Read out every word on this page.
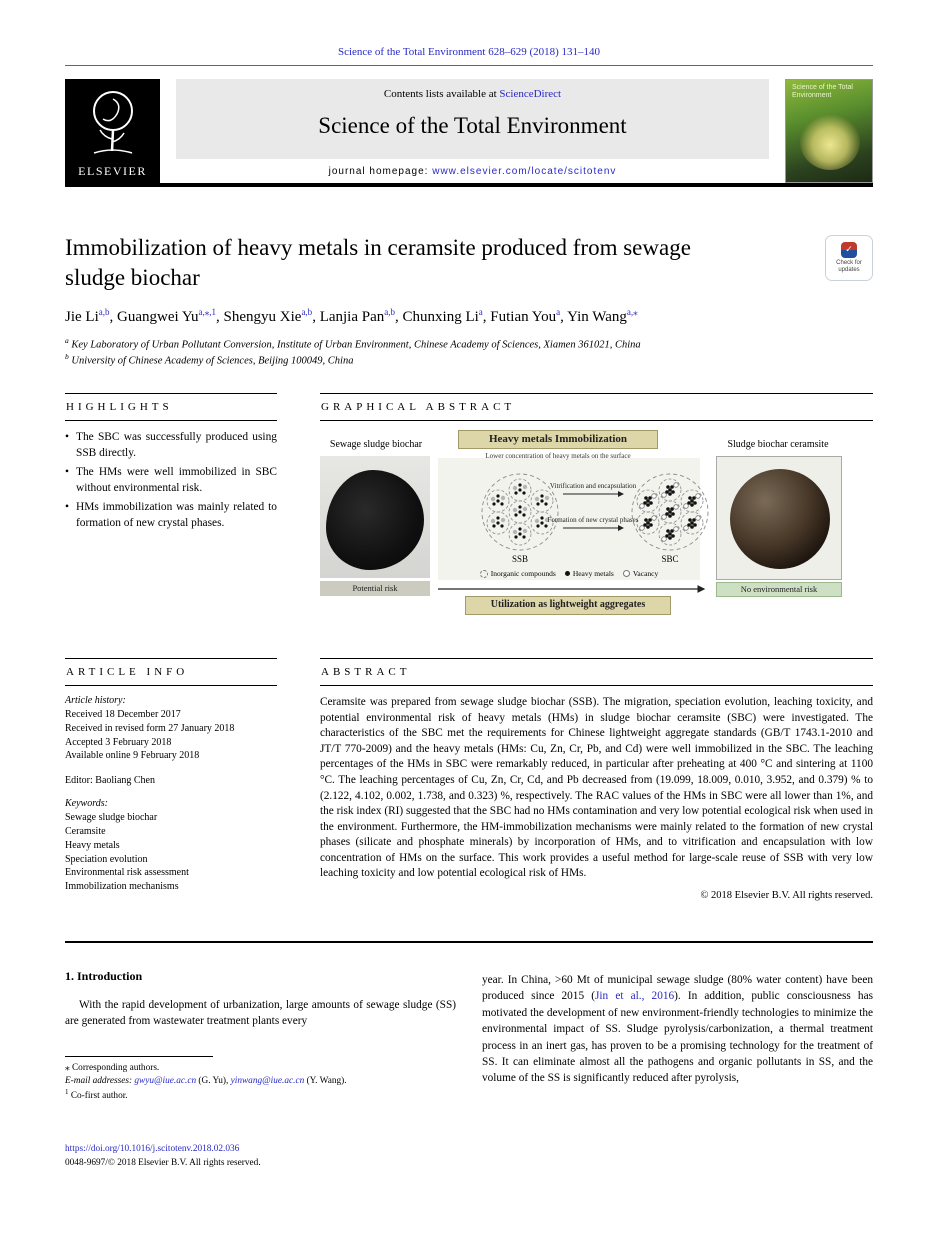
Science of the Total Environment 628–629 (2018) 131–140
ELSEVIER
Contents lists available at ScienceDirect
Science of the Total Environment
journal homepage: www.elsevier.com/locate/scitotenv
Science of the Total Environment
Immobilization of heavy metals in ceramsite produced from sewage sludge biochar
✓
Check for updates
Jie Li$^{a,b}$, Guangwei $Yu^{a,⁎,1}$, Shengyu Xie$^{a,b}$, Lanjia Pan$^{a,b}$, Chunxing Li$^a$, Futian You$^a$, Yin Wang$^{a,⁎}$
$^a$ Key Laboratory of Urban Pollutant Conversion, Institute of Urban Environment, Chinese Academy of Sciences, Xiamen 361021, China
$^b$ University of Chinese Academy of Sciences, Beijing 100049, China
HIGHLIGHTS
• The SBC was successfully produced using SSB directly.
• The HMs were well immobilized in SBC without environmental risk.
• HMs immobilization was mainly related to formation of new crystal phases.
GRAPHICAL ABSTRACT
Heavy metals Immobilization
Lower concentration of heavy metals on the surface
Sewage sludge biochar	Sludge biochar ceramsite
Vitrification and encapsulation
Formation of new crystal phases
SSB	SBC
Inorganic compounds Heavy metals	Vacancy
Potential risk	No environmental risk
Utilization as lightweight aggregates
ARTICLE INFO
Article history:
Received 18 December 2017
Received in revised form 27 January 2018
Accepted 3 February 2018
Available online 9 February 2018
Editor: Baoliang Chen
Keywords:
Sewage sludge biochar
Ceramsite
Heavy metals
Speciation evolution
Environmental risk assessment
Immobilization mechanisms
ABSTRACT

Ceramsite was prepared from sewage sludge biochar (SSB). The migration, speciation evolution, leaching toxicity, and potential environmental risk of heavy metals (HMs) in sludge biochar ceramsite (SBC) were investigated. The characteristics of the SBC met the requirements for Chinese lightweight aggregate standards (GB/T 1743.1-2010 and JT/T 770-2009) and the heavy metals (HMs: Cu, Zn, Cr, Pb, and Cd) were well immobilized in the SBC. The leaching percentages of the HMs in SBC were remarkably reduced, in particular after preheating at 400 °C and sintering at 1100 °C. The leaching percentages of Cu, Zn, Cr, Cd, and Pb decreased from (19.099, 18.009, 0.010, 3.952, and 0.379) % to (2.122, 4.102, 0.002, 1.738, and 0.323) %, respectively. The RAC values of the HMs in SBC were all lower than 1%, and the risk index (RI) suggested that the SBC had no HMs contamination and very low potential ecological risk when used in the environment. Furthermore, the HM-immobilization mechanisms were mainly related to the formation of new crystal phases (silicate and phosphate minerals) by incorporation of HMs, and to vitrification and encapsulation with low concentration of HMs on the surface. This work provides a useful method for large-scale reuse of SSB with very low leaching toxicity and low potential ecological risk of HMs.

© 2018 Elsevier B.V. All rights reserved.
1. Introduction

With the rapid development of urbanization, large amounts of sewage sludge (SS) are generated from wastewater treatment plants every

year. In China, >60 Mt of municipal sewage sludge (80% water content) have been produced since 2015 (Jin et al., 2016). In addition, public consciousness has motivated the development of new environment-friendly technologies to minimize the environmental impact of SS. Sludge pyrolysis/carbonization, a thermal treatment process in an inert gas, has proven to be a promising technology for the treatment of SS. It can eliminate almost all the pathogens and organic pollutants in SS, and the volume of the SS is significantly reduced after pyrolysis,

⁎ Corresponding authors.
E-mail addresses: gwyu@iue.ac.cn (G. Yu), yinwang@iue.ac.cn (Y. Wang).
$^1$ Co-first author.
https://doi.org/10.1016/j.scitotenv.2018.02.036
0048-9697/© 2018 Elsevier B.V. All rights reserved.
